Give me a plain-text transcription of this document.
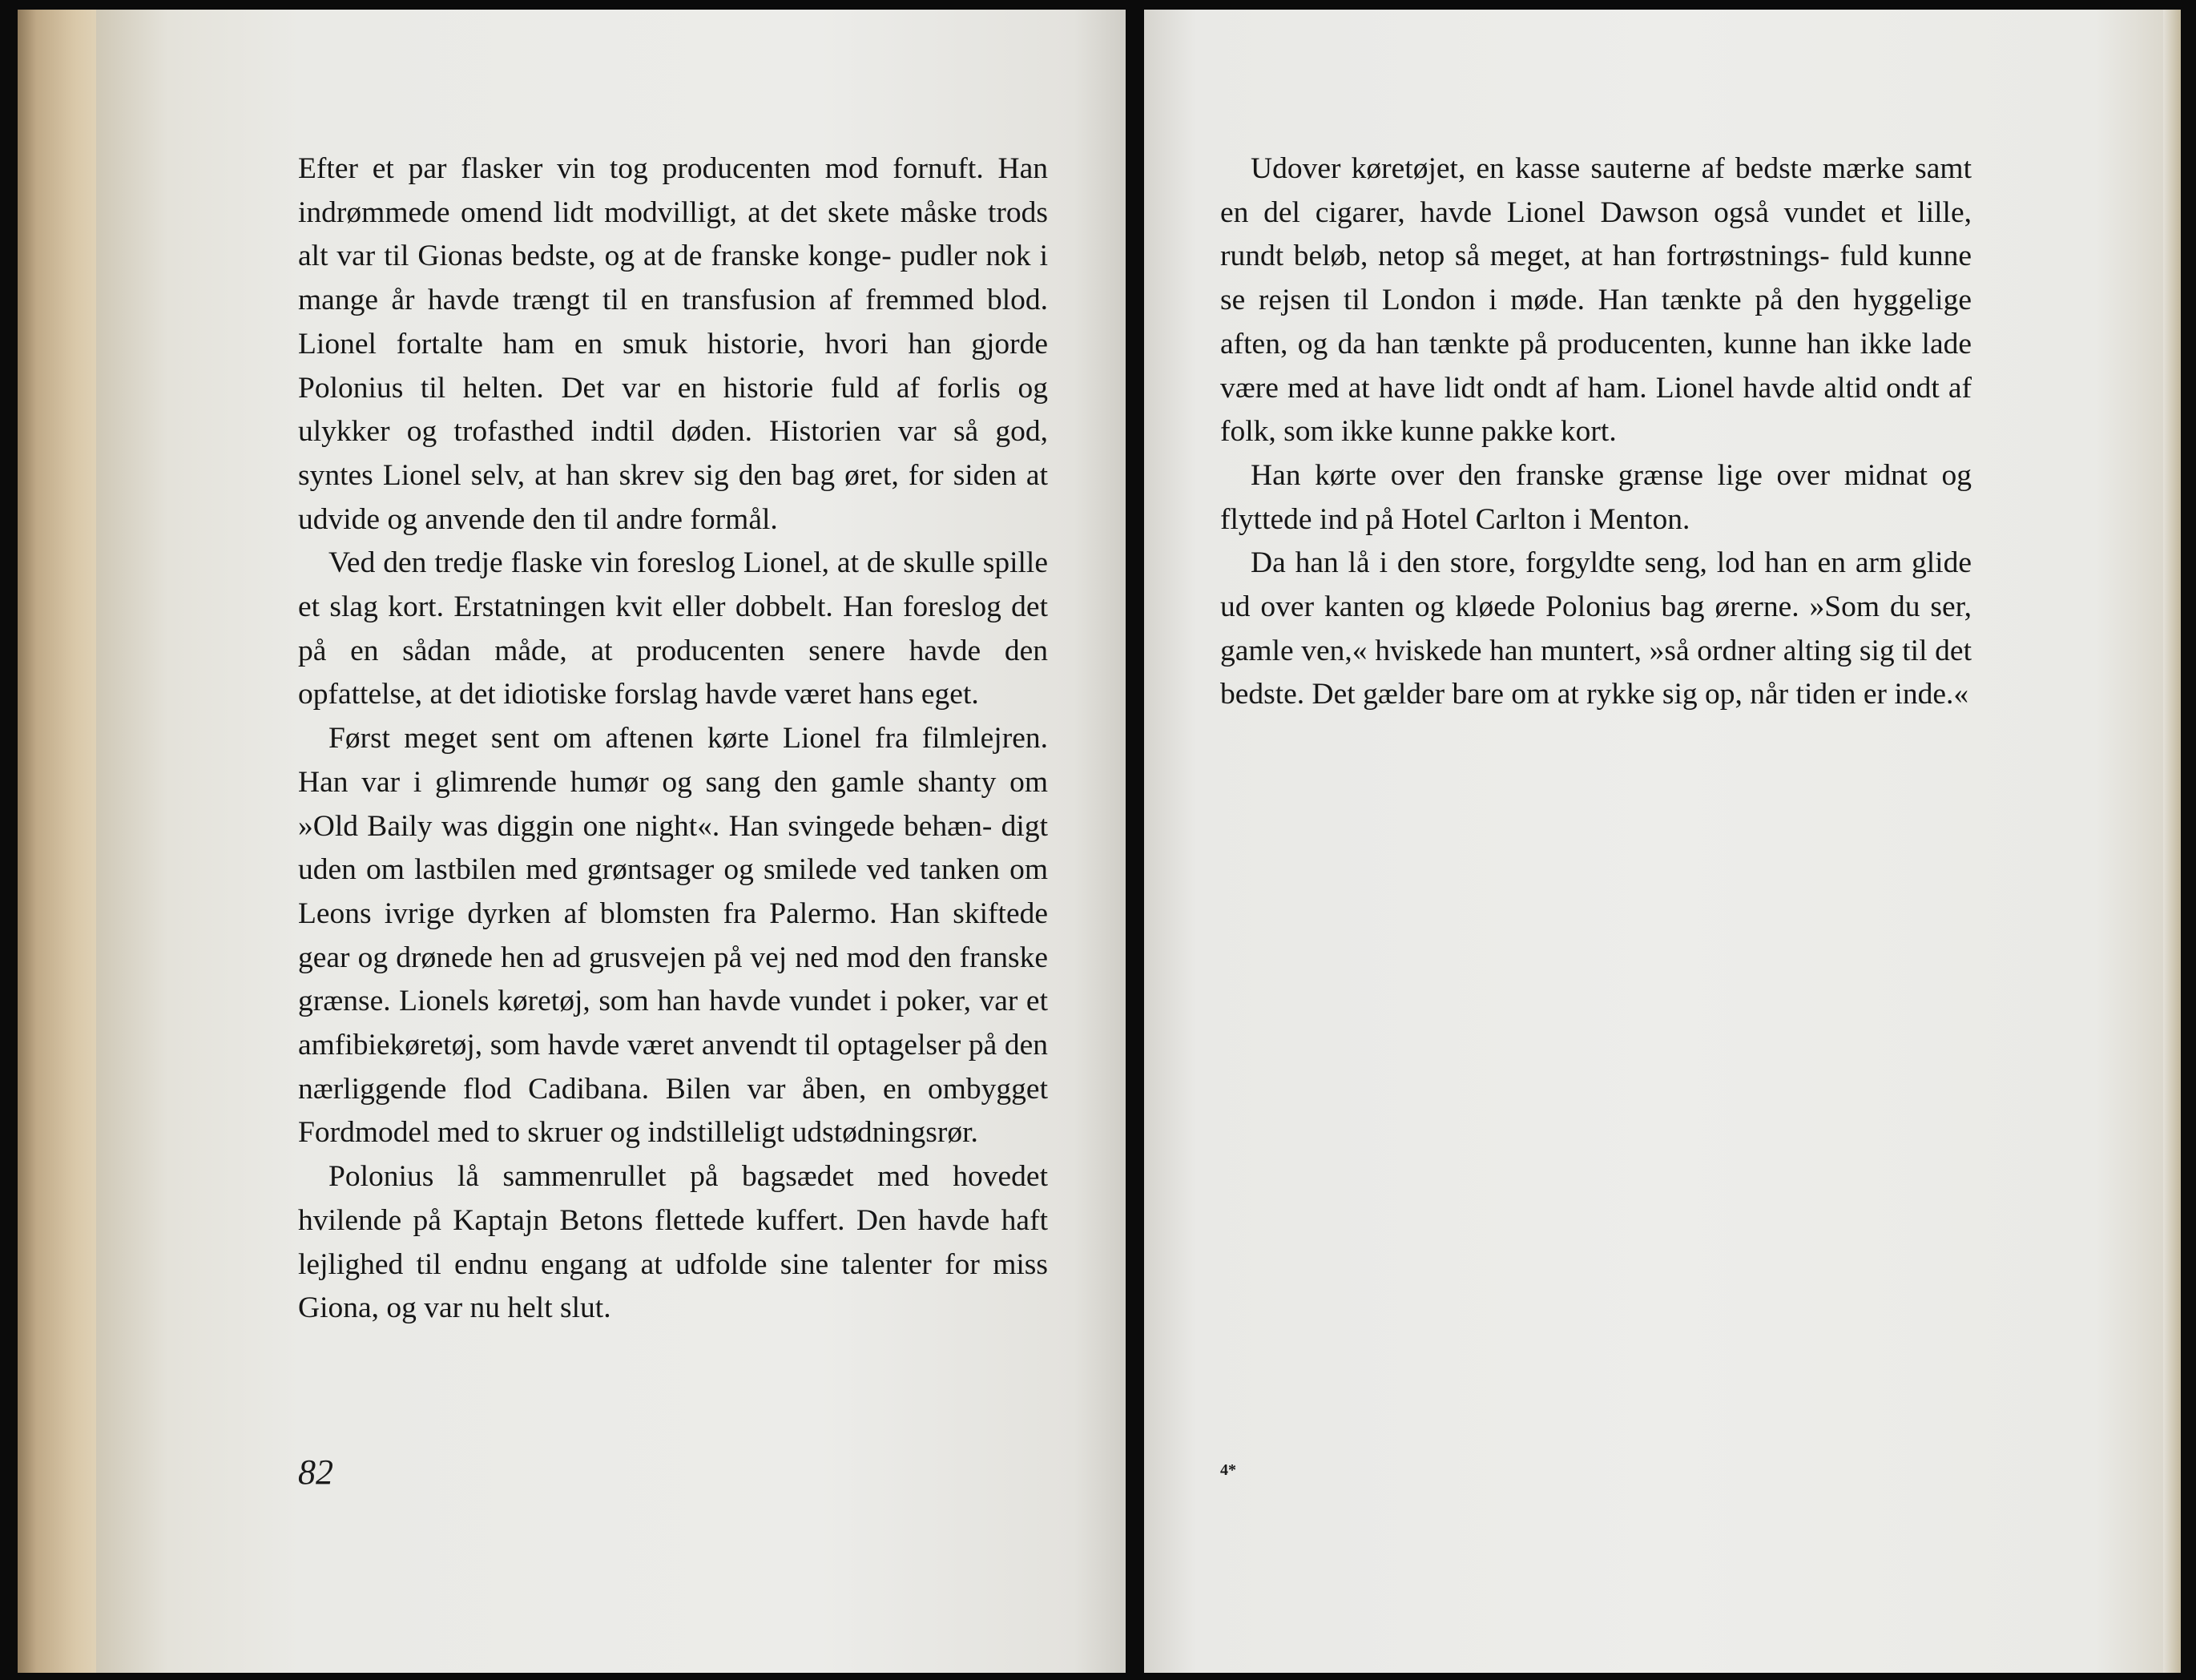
Efter et par flasker vin tog producenten mod fornuft. Han indrømmede omend lidt modvilligt, at det skete måske trods alt var til Gionas bedste, og at de franske konge- pudler nok i mange år havde trængt til en transfusion af fremmed blod. Lionel fortalte ham en smuk historie, hvori han gjorde Polonius til helten. Det var en historie fuld af forlis og ulykker og trofasthed indtil døden. Historien var så god, syntes Lionel selv, at han skrev sig den bag øret, for siden at udvide og anvende den til andre formål.

Ved den tredje flaske vin foreslog Lionel, at de skulle spille et slag kort. Erstatningen kvit eller dobbelt. Han foreslog det på en sådan måde, at producenten senere havde den opfattelse, at det idiotiske forslag havde været hans eget.

Først meget sent om aftenen kørte Lionel fra filmlejren. Han var i glimrende humør og sang den gamle shanty om »Old Baily was diggin one night«. Han svingede behæn- digt uden om lastbilen med grøntsager og smilede ved tanken om Leons ivrige dyrken af blomsten fra Palermo. Han skiftede gear og drønede hen ad grusvejen på vej ned mod den franske grænse. Lionels køretøj, som han havde vundet i poker, var et amfibiekøretøj, som havde været anvendt til optagelser på den nærliggende flod Cadibana. Bilen var åben, en ombygget Fordmodel med to skruer og indstilleligt udstødningsrør.

Polonius lå sammenrullet på bagsædet med hovedet hvilende på Kaptajn Betons flettede kuffert. Den havde haft lejlighed til endnu engang at udfolde sine talenter for miss Giona, og var nu helt slut.

82

Udover køretøjet, en kasse sauterne af bedste mærke samt en del cigarer, havde Lionel Dawson også vundet et lille, rundt beløb, netop så meget, at han fortrøstnings- fuld kunne se rejsen til London i møde. Han tænkte på den hyggelige aften, og da han tænkte på producenten, kunne han ikke lade være med at have lidt ondt af ham. Lionel havde altid ondt af folk, som ikke kunne pakke kort.

Han kørte over den franske grænse lige over midnat og flyttede ind på Hotel Carlton i Menton.

Da han lå i den store, forgyldte seng, lod han en arm glide ud over kanten og kløede Polonius bag ørerne. »Som du ser, gamle ven,« hviskede han muntert, »så ordner alting sig til det bedste. Det gælder bare om at rykke sig op, når tiden er inde.«

4*
